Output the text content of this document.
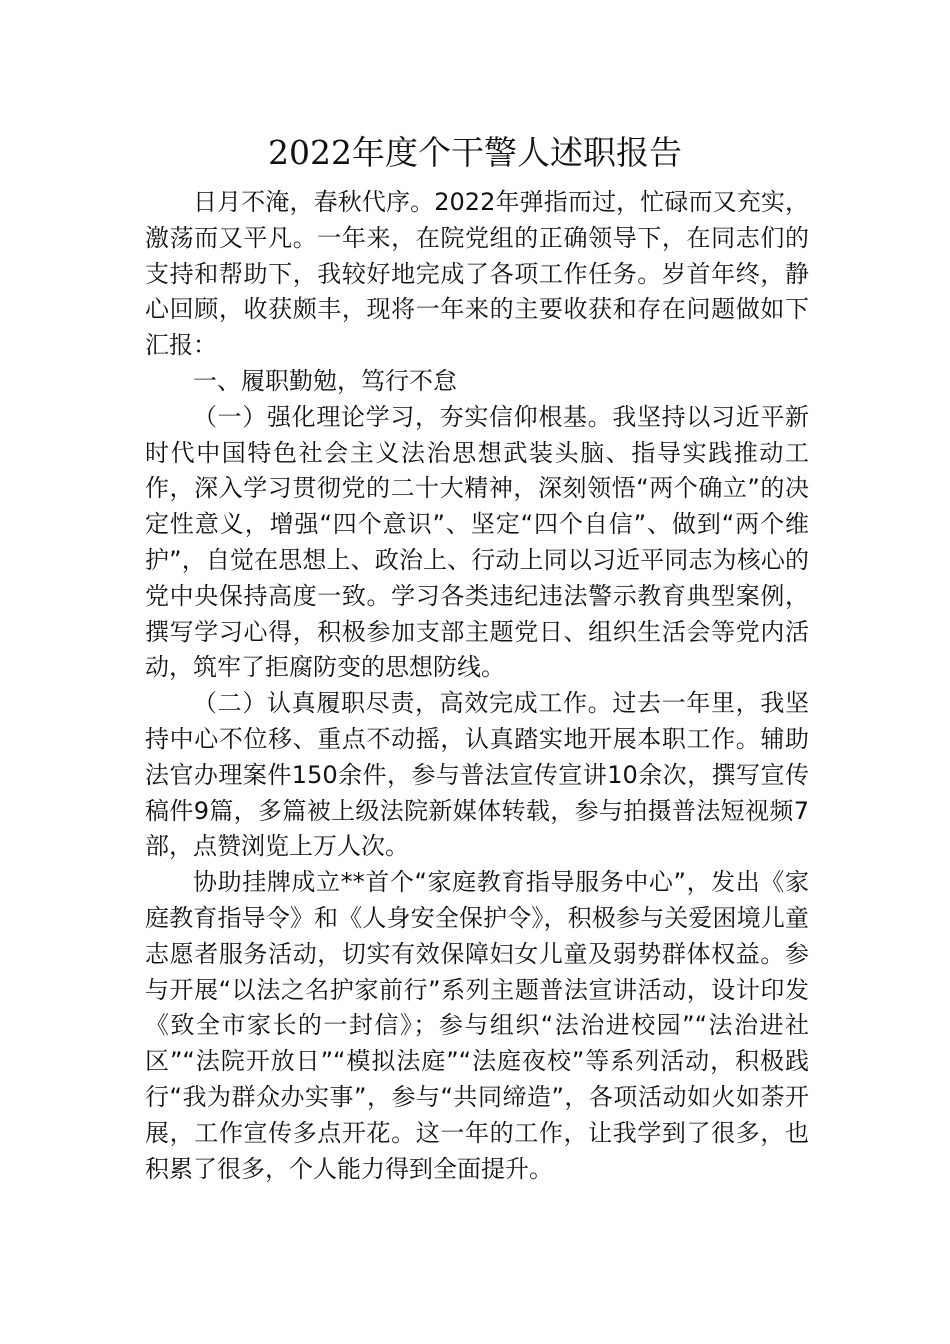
2022年度个干警人述职报告

日月不淹，春秋代序。2022年弹指而过，忙碌而又充实，激荡而又平凡。一年来，在院党组的正确领导下，在同志们的支持和帮助下，我较好地完成了各项工作任务。岁首年终，静心回顾，收获颇丰，现将一年来的主要收获和存在问题做如下汇报：

一、履职勤勉，笃行不怠

（一）强化理论学习，夯实信仰根基。我坚持以习近平新时代中国特色社会主义法治思想武装头脑、指导实践推动工作，深入学习贯彻党的二十大精神，深刻领悟“两个确立”的决定性意义，增强“四个意识”、坚定“四个自信”、做到“两个维护”，自觉在思想上、政治上、行动上同以习近平同志为核心的党中央保持高度一致。学习各类违纪违法警示教育典型案例，撰写学习心得，积极参加支部主题党日、组织生活会等党内活动，筑牢了拒腐防变的思想防线。

（二）认真履职尽责，高效完成工作。过去一年里，我坚持中心不位移、重点不动摇，认真踏实地开展本职工作。辅助法官办理案件150余件，参与普法宣传宣讲10余次，撰写宣传稿件9篇，多篇被上级法院新媒体转载，参与拍摄普法短视频7部，点赞浏览上万人次。

协助挂牌成立**首个“家庭教育指导服务中心”，发出《家庭教育指导令》和《人身安全保护令》，积极参与关爱困境儿童志愿者服务活动，切实有效保障妇女儿童及弱势群体权益。参与开展“以法之名护家前行”系列主题普法宣讲活动，设计印发《致全市家长的一封信》；参与组织“法治进校园”“法治进社区”“法院开放日”“模拟法庭”“法庭夜校”等系列活动，积极践行“我为群众办实事”，参与“共同缔造”，各项活动如火如荼开展，工作宣传多点开花。这一年的工作，让我学到了很多，也积累了很多，个人能力得到全面提升。
